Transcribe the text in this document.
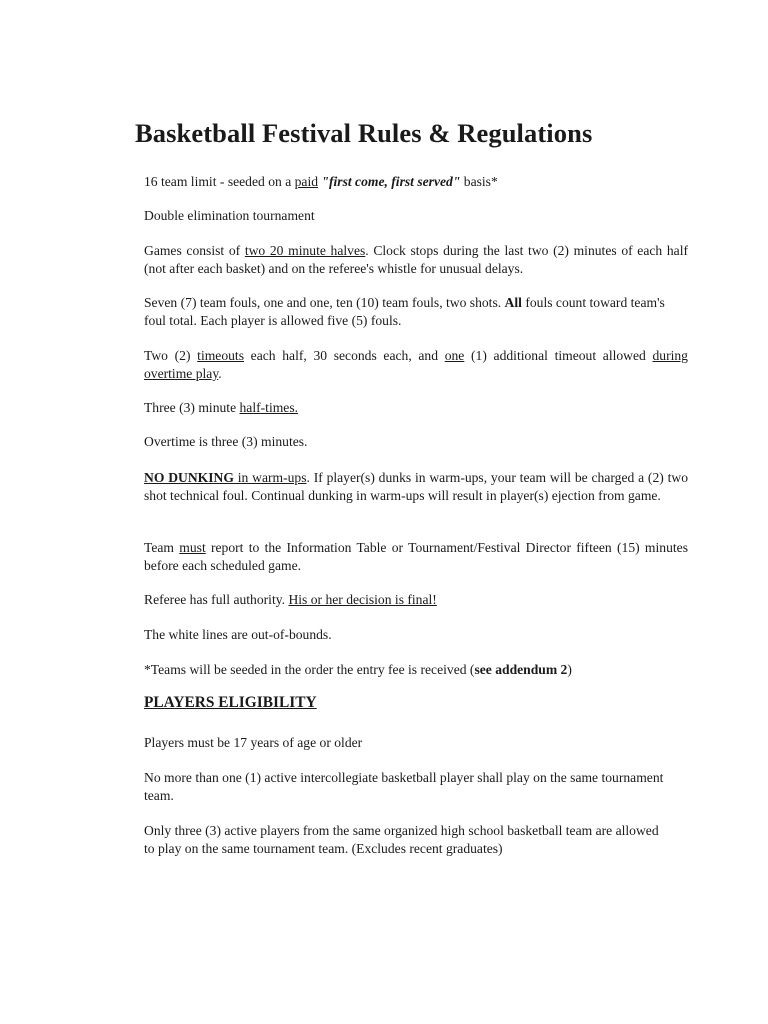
Basketball Festival Rules & Regulations

16 team limit - seeded on a paid "first come, first served" basis*

Double elimination tournament

Games consist of two 20 minute halves. Clock stops during the last two (2) minutes of each half (not after each basket) and on the referee's whistle for unusual delays.

Seven (7) team fouls, one and one, ten (10) team fouls, two shots. All fouls count toward team's foul total. Each player is allowed five (5) fouls.

Two (2) timeouts each half, 30 seconds each, and one (1) additional timeout allowed during overtime play.

Three (3) minute half-times.

Overtime is three (3) minutes.

NO DUNKING in warm-ups. If player(s) dunks in warm-ups, your team will be charged a (2) two shot technical foul. Continual dunking in warm-ups will result in player(s) ejection from game.

Team must report to the Information Table or Tournament/Festival Director fifteen (15) minutes before each scheduled game.

Referee has full authority. His or her decision is final!

The white lines are out-of-bounds.

*Teams will be seeded in the order the entry fee is received (see addendum 2)

PLAYERS ELIGIBILITY

Players must be 17 years of age or older

No more than one (1) active intercollegiate basketball player shall play on the same tournament team.

Only three (3) active players from the same organized high school basketball team are allowed to play on the same tournament team. (Excludes recent graduates)
